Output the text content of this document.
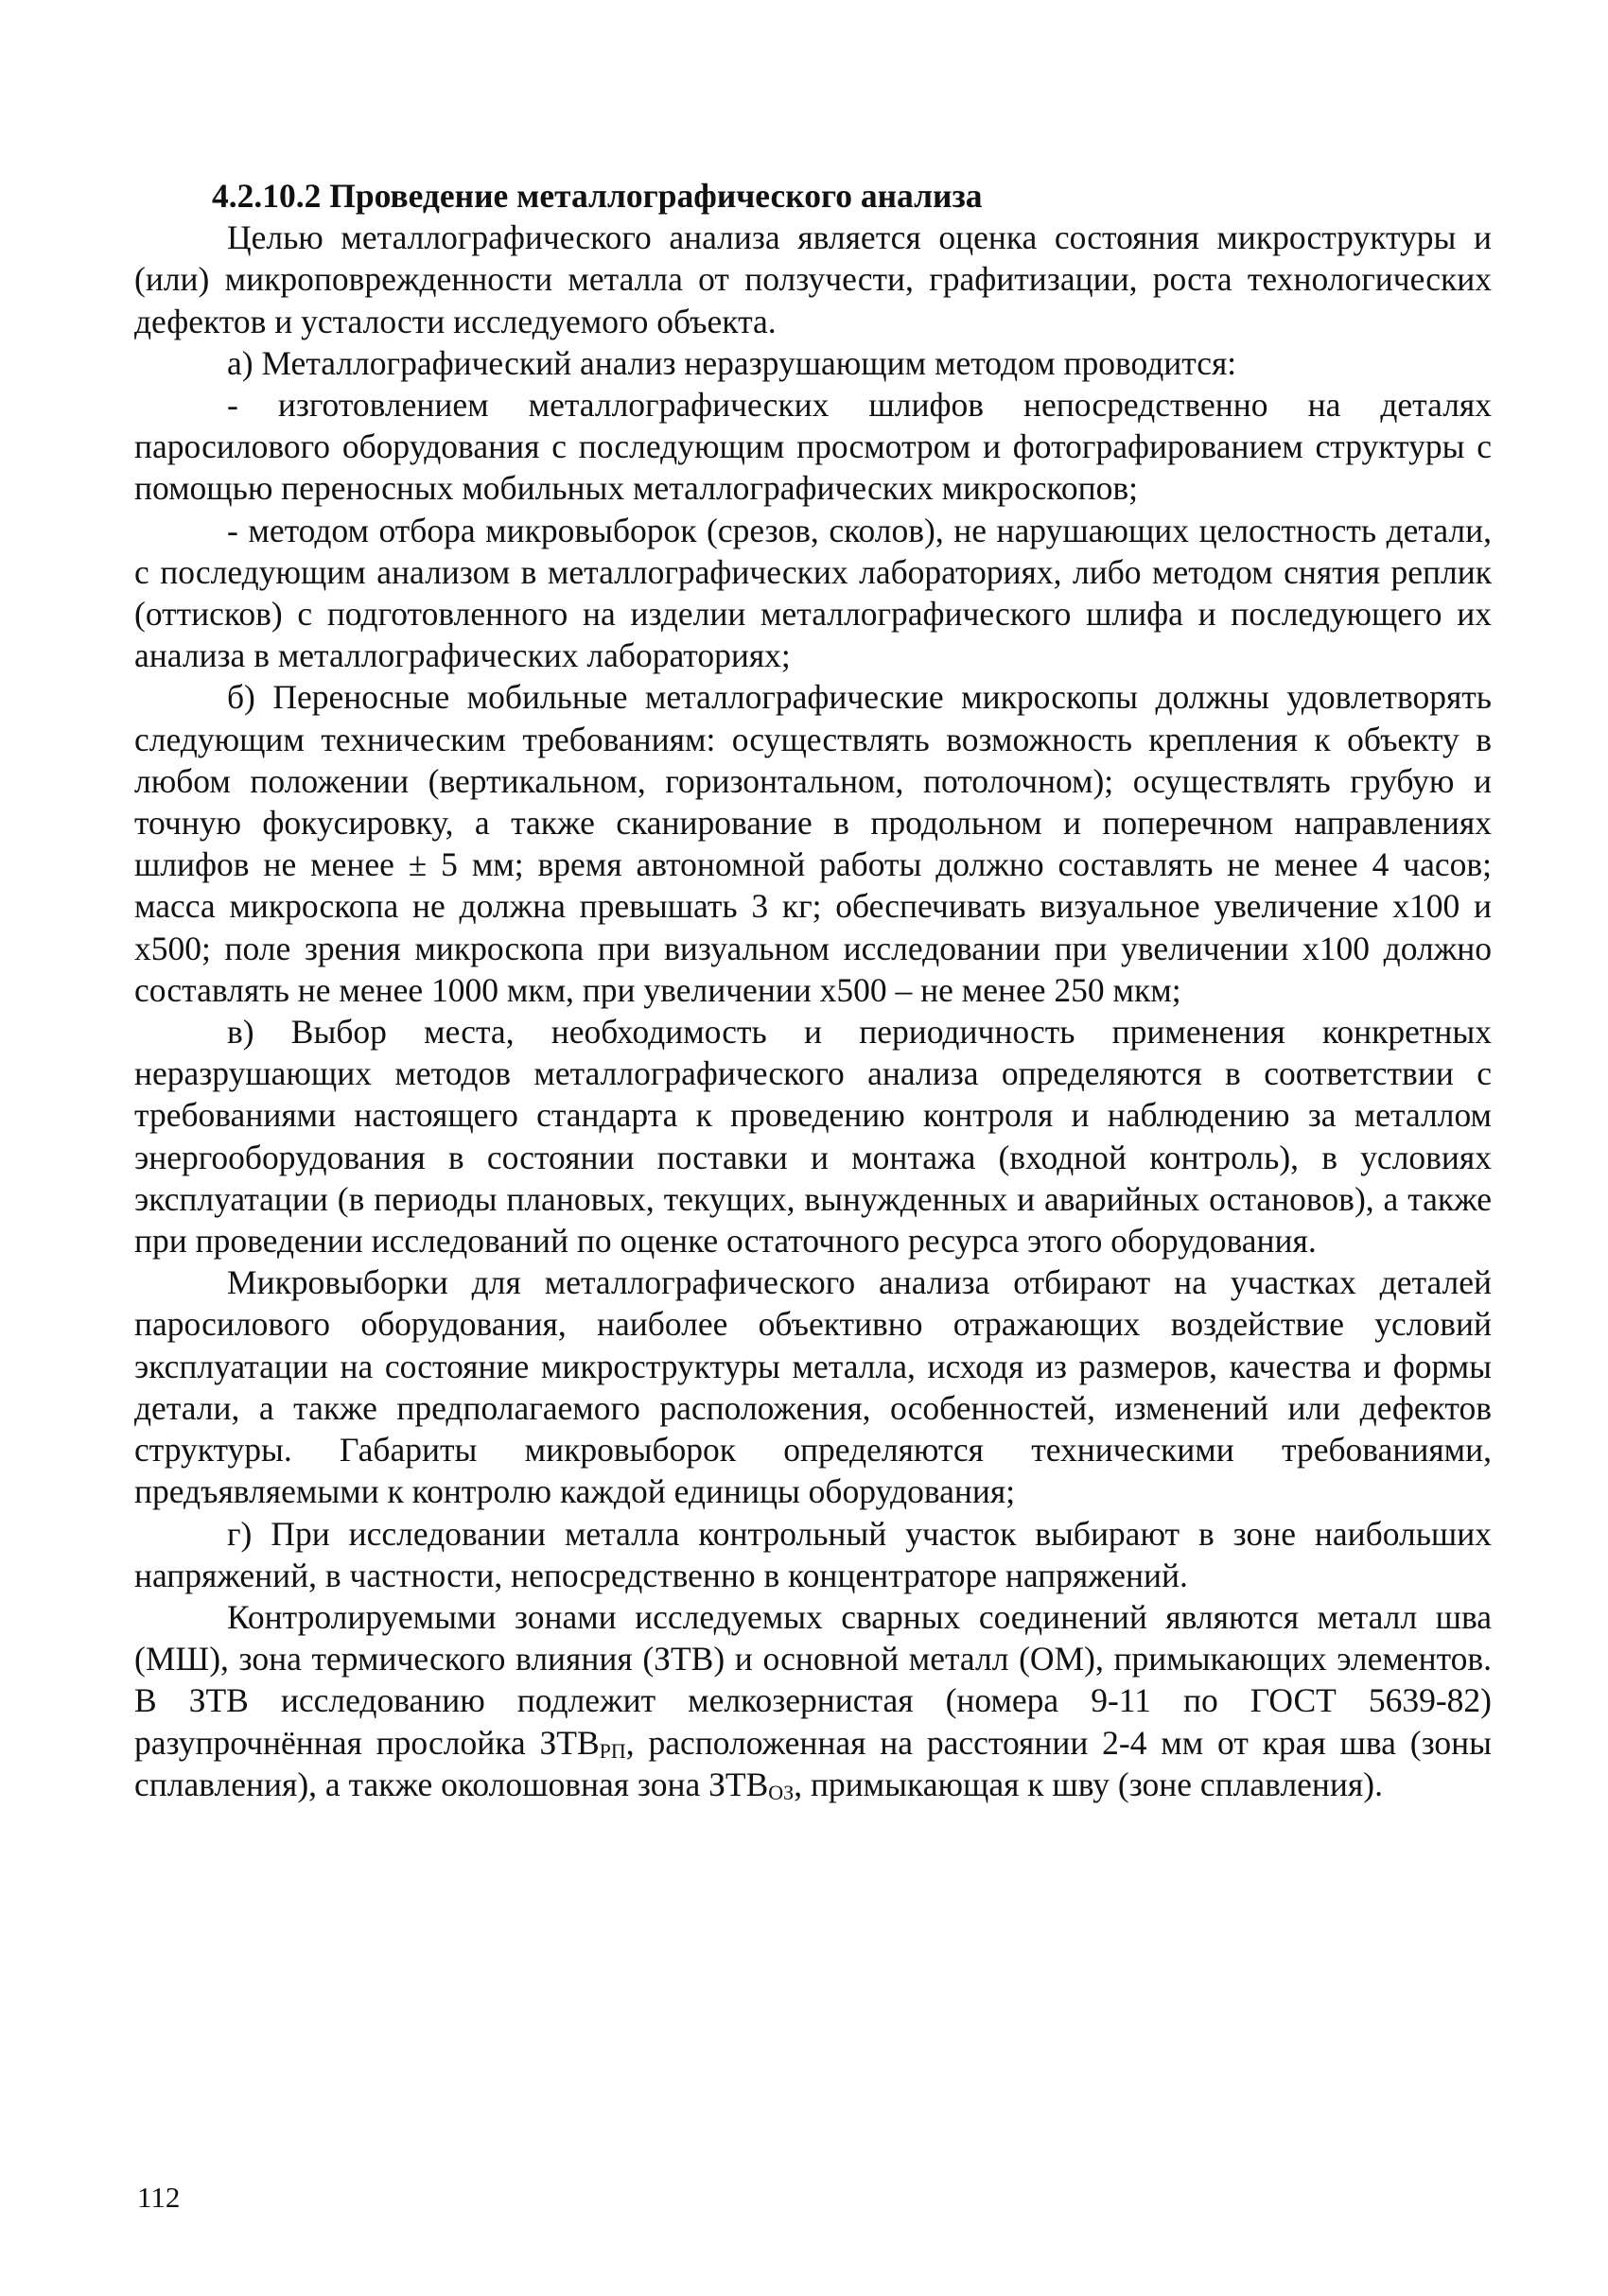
4.2.10.2 Проведение металлографического анализа

Целью металлографического анализа является оценка состояния микроструктуры и (или) микроповрежденности металла от ползучести, графитизации, роста технологических дефектов и усталости исследуемого объекта.

а) Металлографический анализ неразрушающим методом проводится:

- изготовлением металлографических шлифов непосредственно на деталях паросилового оборудования с последующим просмотром и фотографированием структуры с помощью переносных мобильных металлографических микроскопов;

- методом отбора микровыборок (срезов, сколов), не нарушающих целостность детали, с последующим анализом в металлографических лабораториях, либо методом снятия реплик (оттисков) с подготовленного на изделии металлографического шлифа и последующего их анализа в металлографических лабораториях;

б) Переносные мобильные металлографические микроскопы должны удовлетворять следующим техническим требованиям: осуществлять возможность крепления к объекту в любом положении (вертикальном, горизонтальном, потолочном); осуществлять грубую и точную фокусировку, а также сканирование в продольном и поперечном направлениях шлифов не менее ± 5 мм; время автономной работы должно составлять не менее 4 часов; масса микроскопа не должна превышать 3 кг; обеспечивать визуальное увеличение х100 и х500; поле зрения микроскопа при визуальном исследовании при увеличении х100 должно составлять не менее 1000 мкм, при увеличении х500 – не менее 250 мкм;

в) Выбор места, необходимость и периодичность применения конкретных неразрушающих методов металлографического анализа определяются в соответствии с требованиями настоящего стандарта к проведению контроля и наблюдению за металлом энергооборудования в состоянии поставки и монтажа (входной контроль), в условиях эксплуатации (в периоды плановых, текущих, вынужденных и аварийных остановов), а также при проведении исследований по оценке остаточного ресурса этого оборудования.

Микровыборки для металлографического анализа отбирают на участках деталей паросилового оборудования, наиболее объективно отражающих воздействие условий эксплуатации на состояние микроструктуры металла, исходя из размеров, качества и формы детали, а также предполагаемого расположения, особенностей, изменений или дефектов структуры. Габариты микровыборок определяются техническими требованиями, предъявляемыми к контролю каждой единицы оборудования;

г) При исследовании металла контрольный участок выбирают в зоне наибольших напряжений, в частности, непосредственно в концентраторе напряжений.

Контролируемыми зонами исследуемых сварных соединений являются металл шва (МШ), зона термического влияния (ЗТВ) и основной металл (ОМ), примыкающих элементов. В ЗТВ исследованию подлежит мелкозернистая (номера 9-11 по ГОСТ 5639-82) разупрочнённая прослойка $ЗТВ_{РП}$, расположенная на расстоянии 2-4 мм от края шва (зоны сплавления), а также околошовная зона $ЗТВ_{ОЗ}$, примыкающая к шву (зоне сплавления).

112
